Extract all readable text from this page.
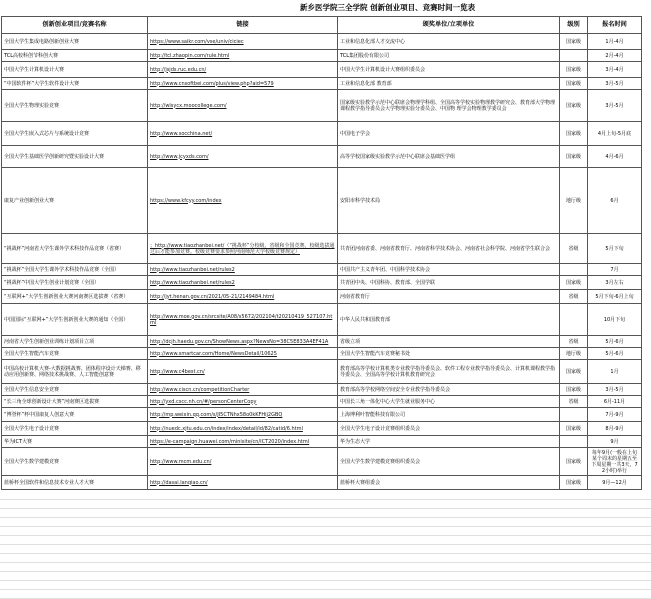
新乡医学院三全学院 创新创业项目、竞赛时间一览表
创新创业项目/竞赛名称	链接	颁奖单位/立项单位	级别	报名时间
全国大学生集成电路创新创业大赛	https://www.saikr.com/vse/univ/ciciec	工业和信息化部人才交流中心	国家级	1月-4月
TCL高校科创节科创大赛	http://tcl.zhaopin.com/rule.html	TCL集团股份有限公司		2月-4月
中国大学生计算机设计大赛	http://jsjds.ruc.edu.cn/	中国大学生计算机设计大赛组织委员会	国家级	3月-4月
“中国软件杯”大学生软件设计大赛	http://www.cnsoftbei.com/plus/view.php?aid=579	工业和信息化部 教育部	国家级	3月-5月
全国大学生物理实验竞赛	http://wlsycx.moocollege.com/	国家级实验教学示范中心联席会物理学科组、全国高等学校实验物理教学研究会、教育部大学物理课程教学指导委员会大学物理实验分委员会、中国物 理学会物理教学委员会	国家级	3月-5月
全国大学生嵌入式芯片与系统设计竞赛	http://www.socchina.net/	中国电子学会	国家级	4月上旬-5月底
全国大学生基础医学创新研究暨实验设计大赛	http://www.jcyxds.com/	高等学校国家级实验教学示范中心联席会基础医学组	国家级	4月-6月
康复产业创新创业大赛	https://www.kfcyy.com/index	安阳市科学技术局	地厅级	6月
“挑战杯”河南省大学生课外学术科技作品竞赛（省赛）	；http://www.tiaozhanbei.net/（“挑战杯”分校级、省级和全国竞赛。校级选拔通过后才能参加竞赛。校级竞赛要求参照河南师范大学校级竞赛规定）	共青团河南省委、河南省教育厅、河南省科学技术协会、河南省社会科学院、河南省学生联合会	省级	5月下旬
“挑战杯”全国大学生课外学术科技作品竞赛（全国）	http://www.tiaozhanbei.net/rules2	中国共产主义青年团、中国科学技术协会		7月
“挑战杯”中国大学生创业计划竞赛（全国）	http://www.tiaozhanbei.net/rules2	共青团中央、中国科协、教育部、全国学联	国家级	3月左右
“互联网+”大学生创新创业大赛河南赛区选拔赛（省赛）	http://jyt.henan.gov.cn/2021/05-21/2149484.html	河南省教育厅	省级	5月下旬-6月上旬
中国国际“互联网+”大学生创新创业大赛的通知（全国）	http://www.moe.gov.cn/srcsite/A08/s5672/202104/t20210419_527107.html	中华人民共和国教育部		10月下旬
河南省大学生创新创业训练计划项目立项	http://dcjh.haedu.gov.cn/ShowNews.aspx?NewsNo=38C5E833A4EF41A	省级立项	省级	5月-6月
全国大学生智能汽车竞赛	http://www.smartcar.com/Home/NewsDetail/10625	全国大学生智能汽车竞赛秘书处	地厅级	5月-6月
中国高校计算机大赛-大数据挑战赛、团体程序设计天梯赛、移动应用创新赛、网络技术挑战赛、人工智能创意赛	http://www.c4best.cn/	教育部高等学校计算机类专业教学指导委员会、软件工程专业教学指导委员会、计算机课程教学指导委员会、全国高等学校计算机教育研究会	国家级	1月
全国大学生信息安全竞赛	http://www.ciscn.cn/competitionCharter	教育部高等学校网络空间安全专业教学指导委员会	国家级	3月-5月
“长三角全球创新设计大赛”河南赛区选拔赛	http://yxd.cscc.nh.cn/#/personCenterCopy	中国长三角一体化中心大学生就业服务中心	省级	6月-11月
“博誉杯”杯中国康复人创意大赛	http://mp.weixin.qq.com/s/JI5CTNhx58o0kKFHij2GBQ	上海博利叶智能科技有限公司		7月-9月
全国大学生电子设计竞赛	http://nuedc.xjtu.edu.cn/index/index/detail/id/82/catid/6.html	全国大学生电子设计竞赛组织委员会	国家级	8月-9月
华为ICT大赛	https://e-campaign.huawei.com/minisite/cn/ICT2020/index.html	华为生态大学		9月
全国大学生数学建模竞赛	http://www.mcm.edu.cn/	全国大学生数学建模竞赛组织委员会	国家级	每年9月(一般在上旬某个周末的星期五至下周星期一共3天，72小时)举行
蓝桥杯全国软件和信息技术专业人才大赛	http://dasai.lanqiao.cn/	蓝桥杯大赛组委会	国家级	9月—12月
